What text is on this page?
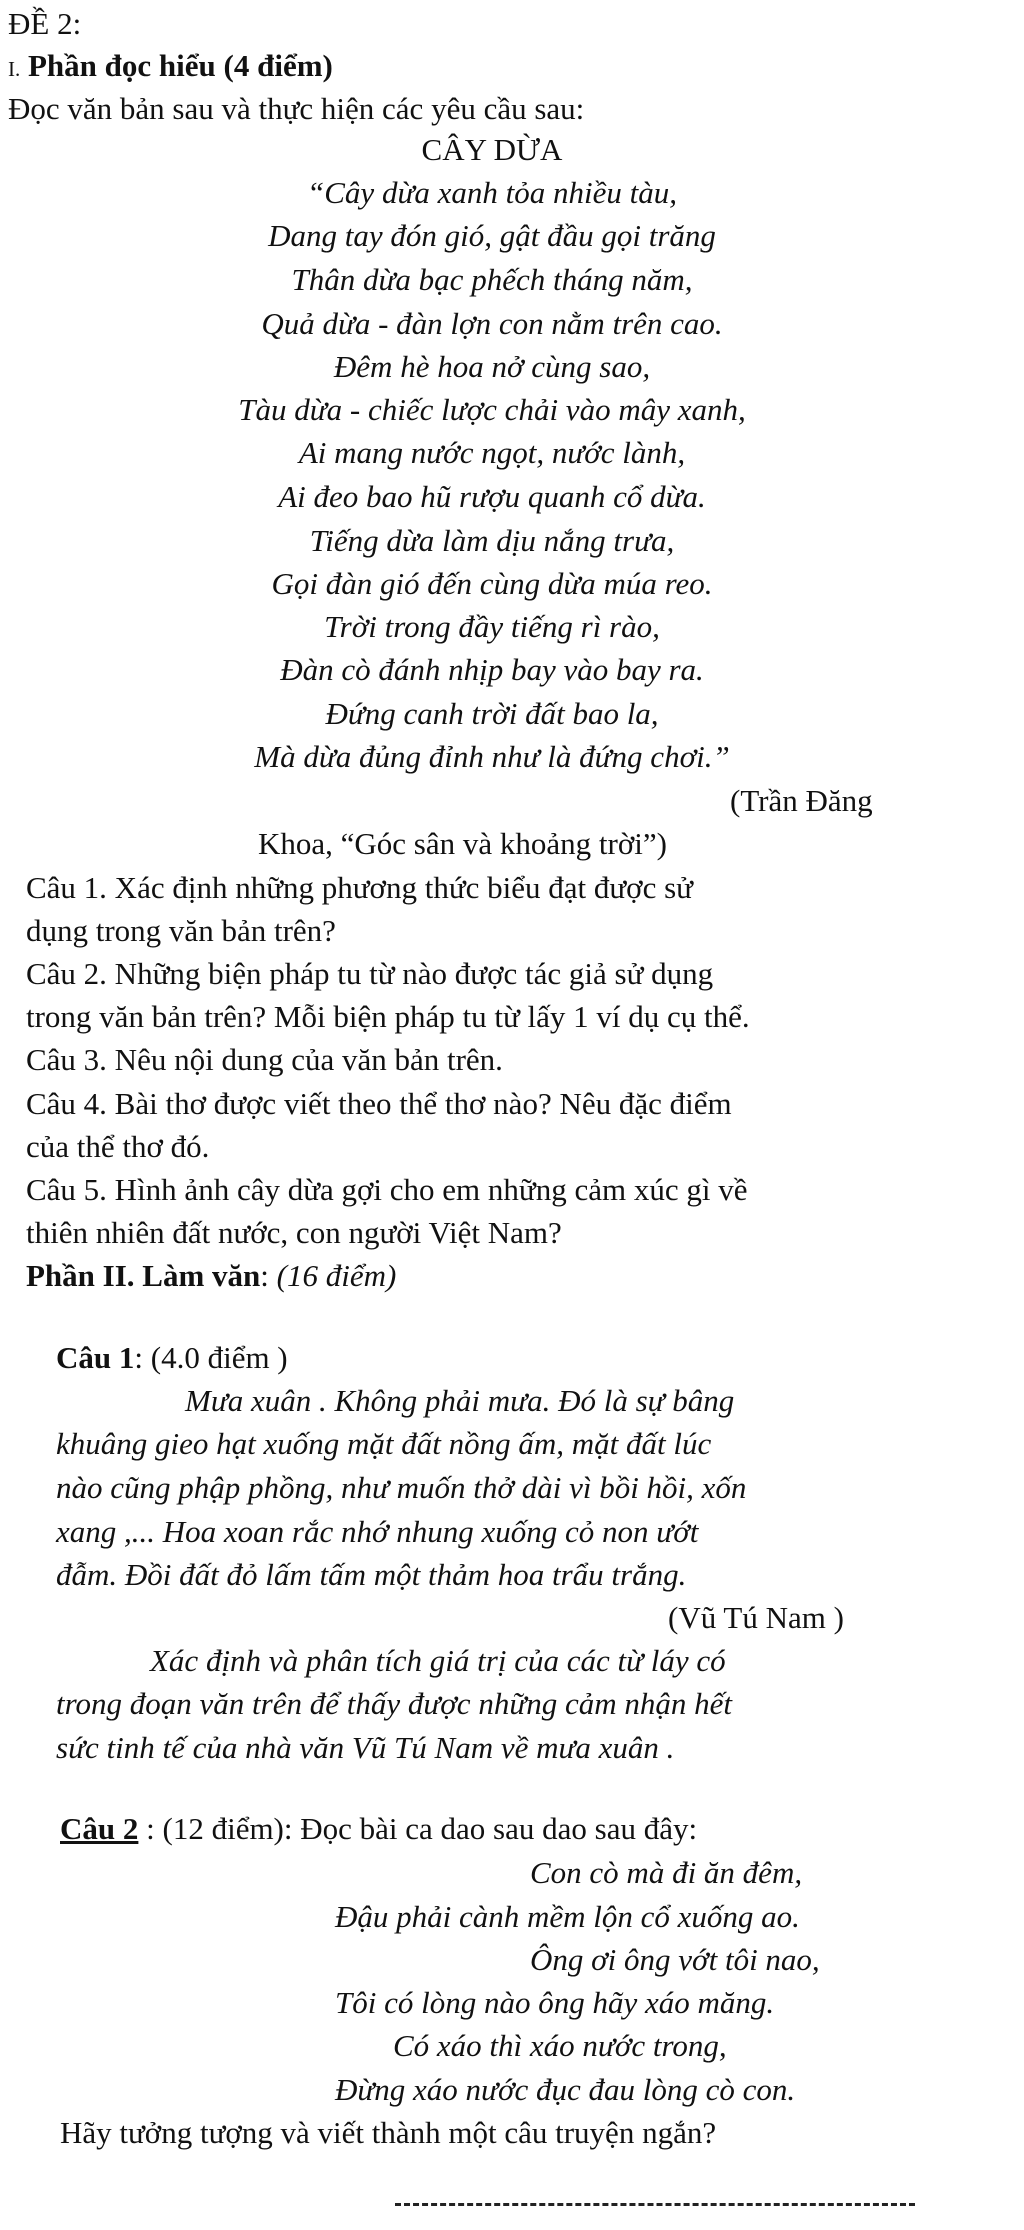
ĐỀ 2:
I. Phần đọc hiểu (4 điểm)
Đọc văn bản sau và thực hiện các yêu cầu sau:
CÂY DỪA
“Cây dừa xanh tỏa nhiều tàu,
Dang tay đón gió, gật đầu gọi trăng
Thân dừa bạc phếch tháng năm,
Quả dừa - đàn lợn con nằm trên cao.
Đêm hè hoa nở cùng sao,
Tàu dừa - chiếc lược chải vào mây xanh,
Ai mang nước ngọt, nước lành,
Ai đeo bao hũ rượu quanh cổ dừa.
Tiếng dừa làm dịu nắng trưa,
Gọi đàn gió đến cùng dừa múa reo.
Trời trong đầy tiếng rì rào,
Đàn cò đánh nhịp bay vào bay ra.
Đứng canh trời đất bao la,
Mà dừa đủng đỉnh như là đứng chơi.”
(Trần Đăng
Khoa, “Góc sân và khoảng trời”)
Câu 1. Xác định những phương thức biểu đạt được sử
dụng trong văn bản trên?
Câu 2. Những biện pháp tu từ nào được tác giả sử dụng
trong văn bản trên? Mỗi biện pháp tu từ lấy 1 ví dụ cụ thể.
Câu 3. Nêu nội dung của văn bản trên.
Câu 4. Bài thơ được viết theo thể thơ nào? Nêu đặc điểm
của thể thơ đó.
Câu 5. Hình ảnh cây dừa gợi cho em những cảm xúc gì về
thiên nhiên đất nước, con người Việt Nam?
Phần II. Làm văn: (16 điểm)
Câu 1: (4.0 điểm )
Mưa xuân . Không phải mưa. Đó là sự bâng
khuâng gieo hạt xuống mặt đất nồng ấm, mặt đất lúc
nào cũng phập phồng, như muốn thở dài vì bồi hồi, xốn
xang ,... Hoa xoan rắc nhớ nhung xuống cỏ non ướt
đẫm. Đồi đất đỏ lấm tấm một thảm hoa trẩu trắng.
(Vũ Tú Nam )
Xác định và phân tích giá trị của các từ láy có
trong đoạn văn trên để thấy được những cảm nhận hết
sức tinh tế của nhà văn Vũ Tú Nam về mưa xuân .
Câu 2 : (12 điểm): Đọc bài ca dao sau dao sau đây:
Con cò mà đi ăn đêm,
Đậu phải cành mềm lộn cổ xuống ao.
Ông ơi ông vớt tôi nao,
Tôi có lòng nào ông hãy xáo măng.
Có xáo thì xáo nước trong,
Đừng xáo nước đục đau lòng cò con.
Hãy tưởng tượng và viết thành một câu truyện ngắn?
